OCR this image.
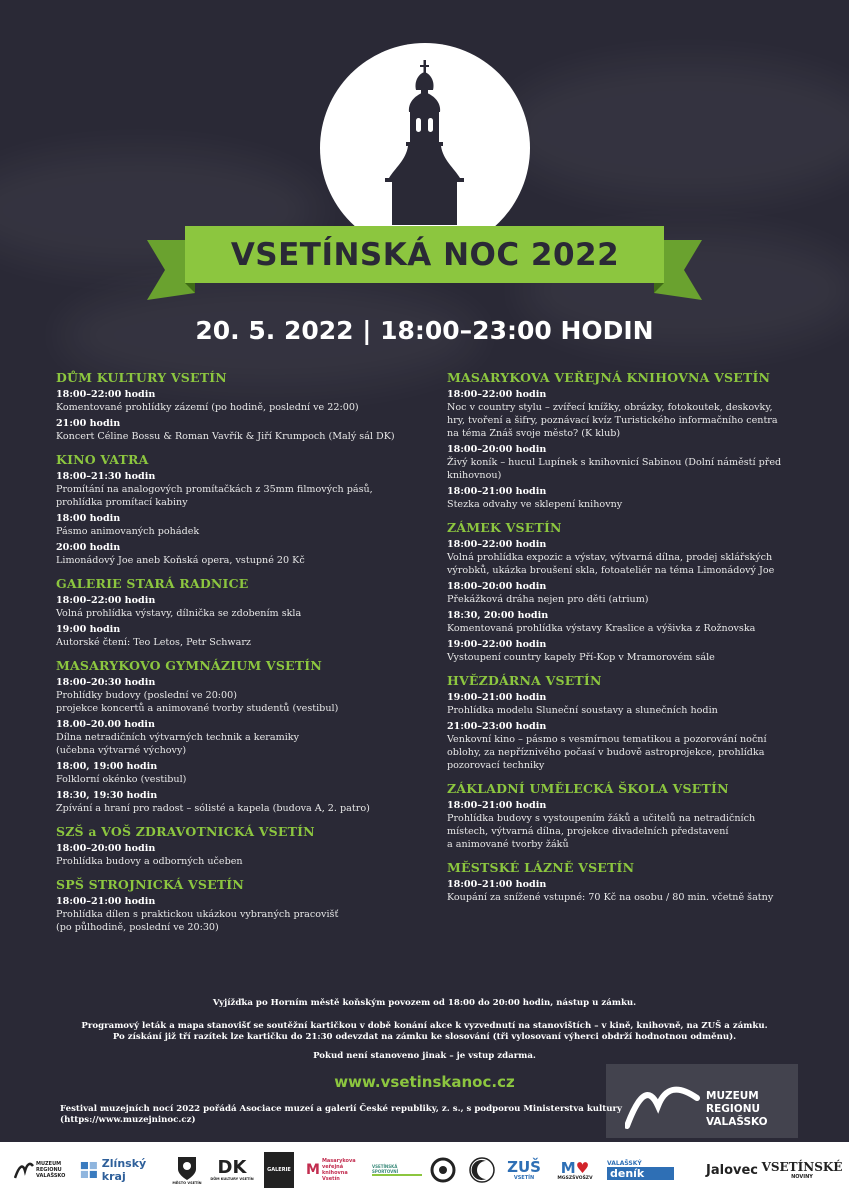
VSETÍNSKÁ NOC 2022
20. 5. 2022 | 18:00–23:00 HODIN
DŮM KULTURY VSETÍN
18:00–22:00 hodin
Komentované prohlídky zázemí (po hodině, poslední ve 22:00)
21:00 hodin
Koncert Céline Bossu & Roman Vavřík & Jiří Krumpoch (Malý sál DK)
KINO VATRA
18:00–21:30 hodin
Promítání na analogových promítačkách z 35mm filmových pásů,
prohlídka promítací kabiny
18:00 hodin
Pásmo animovaných pohádek
20:00 hodin
Limonádový Joe aneb Koňská opera, vstupné 20 Kč
GALERIE STARÁ RADNICE
18:00–22:00 hodin
Volná prohlídka výstavy, dílnička se zdobením skla
19:00 hodin
Autorské čtení: Teo Letos, Petr Schwarz
MASARYKOVO GYMNÁZIUM VSETÍN
18:00–20:30 hodin
Prohlídky budovy (poslední ve 20:00)
projekce koncertů a animované tvorby studentů (vestibul)
18.00–20.00 hodin
Dílna netradičních výtvarných technik a keramiky
(učebna výtvarné výchovy)
18:00, 19:00 hodin
Folklorní okénko (vestibul)
18:30, 19:30 hodin
Zpívání a hraní pro radost – sólisté a kapela (budova A, 2. patro)
SZŠ a VOŠ ZDRAVOTNICKÁ VSETÍN
18:00–20:00 hodin
Prohlídka budovy a odborných učeben
SPŠ STROJNICKÁ VSETÍN
18:00–21:00 hodin
Prohlídka dílen s praktickou ukázkou vybraných pracovišť
(po půlhodině, poslední ve 20:30)
MASARYKOVA VEŘEJNÁ KNIHOVNA VSETÍN
18:00–22:00 hodin
Noc v country stylu – zvířecí knížky, obrázky, fotokoutek, deskovky,
hry, tvoření a šifry, poznávací kvíz Turistického informačního centra
na téma Znáš svoje město? (K klub)
18:00–20:00 hodin
Živý koník – hucul Lupínek s knihovnicí Sabinou (Dolní náměstí před
knihovnou)
18:00–21:00 hodin
Stezka odvahy ve sklepení knihovny
ZÁMEK VSETÍN
18:00–22:00 hodin
Volná prohlídka expozic a výstav, výtvarná dílna, prodej sklářských
výrobků, ukázka broušení skla, fotoateliér na téma Limonádový Joe
18:00–20:00 hodin
Překážková dráha nejen pro děti (atrium)
18:30, 20:00 hodin
Komentovaná prohlídka výstavy Kraslice a výšivka z Rožnovska
19:00–22:00 hodin
Vystoupení country kapely Pří-Kop v Mramorovém sále
HVĚZDÁRNA VSETÍN
19:00–21:00 hodin
Prohlídka modelu Sluneční soustavy a slunečních hodin
21:00–23:00 hodin
Venkovní kino – pásmo s vesmírnou tematikou a pozorování noční
oblohy, za nepříznivého počasí v budově astroprojekce, prohlídka
pozorovací techniky
ZÁKLADNÍ UMĚLECKÁ ŠKOLA VSETÍN
18:00–21:00 hodin
Prohlídka budovy s vystoupením žáků a učitelů na netradičních
místech, výtvarná dílna, projekce divadelních představení
a animované tvorby žáků
MĚSTSKÉ LÁZNĚ VSETÍN
18:00–21:00 hodin
Koupání za snížené vstupné: 70 Kč na osobu / 80 min. včetně šatny
Vyjížďka po Horním městě koňským povozem od 18:00 do 20:00 hodin, nástup u zámku.
Programový leták a mapa stanovišť se soutěžní kartičkou v době konání akce k vyzvednutí na stanovištích – v kině, knihovně, na ZUŠ a zámku.
Po získání již tří razítek lze kartičku do 21:30 odevzdat na zámku ke slosování (tři vylosovaní výherci obdrží hodnotnou odměnu).
Pokud není stanoveno jinak – je vstup zdarma.
www.vsetinskanoc.cz
MUZEUM
REGIONU
VALAŠSKO
Festival muzejních nocí 2022 pořádá Asociace muzeí a galerií České republiky, z. s., s podporou Ministerstva kultury (https://www.muzejninoc.cz)
MUZEUM REGIONU VALAŠSKO
Zlínský kraj	MĚSTO VSETÍN
DK
DŮM KULTURY VSETÍN
GALERIE M
Masarykova veřejná knihovna Vsetín
VSETÍNSKÁ SPORTOVNÍ	ZUŠ
VSETÍN
M♥
MGSZŠVOŠZV
VALAŠSKÝ
deník	Jalovec VSETÍNSKÉ
NOVINY
